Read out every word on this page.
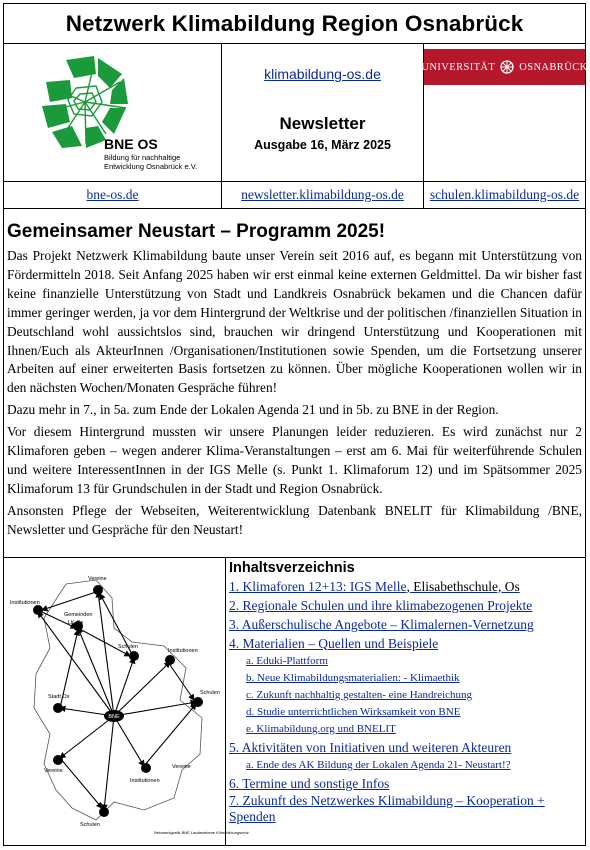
Netzwerk Klimabildung Region Osnabrück
BNE OS
Bildung für nachhaltige Entwicklung Osnabrück e.V.
klimabildung-os.de
Newsletter
Ausgabe 16, März 2025
UNIVERSITÄT OSNABRÜCK
bne-os.de	newsletter.klimabildung-os.de schulen.klimabildung-os.de
Gemeinsamer Neustart – Programm 2025!

Das Projekt Netzwerk Klimabildung baute unser Verein seit 2016 auf, es begann mit Unterstützung von Fördermitteln 2018. Seit Anfang 2025 haben wir erst einmal keine externen Geldmittel. Da wir bisher fast keine finanzielle Unterstützung von Stadt und Landkreis Osnabrück bekamen und die Chancen dafür immer geringer werden, ja vor dem Hintergrund der Weltkrise und der politischen /finanziellen Situation in Deutschland wohl aussichtslos sind, brauchen wir dringend Unterstützung und Kooperationen mit Ihnen/Euch als AkteurInnen /Organisationen/Institutionen sowie Spenden, um die Fortsetzung unserer Arbeiten auf einer erweiterten Basis fortsetzen zu können. Über mögliche Kooperationen wollen wir in den nächsten Wochen/Monaten Gespräche führen!

Dazu mehr in 7., in 5a. zum Ende der Lokalen Agenda 21 und in 5b. zu BNE in der Region.

Vor diesem Hintergrund mussten wir unsere Planungen leider reduzieren. Es wird zunächst nur 2 Klimaforen geben – wegen anderer Klima-Veranstaltungen – erst am 6. Mai für weiterführende Schulen und weitere InteressentInnen in der IGS Melle (s. Punkt 1. Klimaforum 12) und im Spätsommer 2025 Klimaforum 13 für Grundschulen in der Stadt und Region Osnabrück.

Ansonsten Pflege der Webseiten, Weiterentwicklung Datenbank BNELIT für Klimabildung /BNE, Newsletter und Gespräche für den Neustart!

BNE
Vereine
Institutionen
Gemeinden
LK Os
Schulen
Institutionen
Schulen
Stadt Os
Vereine
Vereine
Institutionen
Schulen
Netzwerkgrafik BNE Landesebene Klimabildungsnetz
Inhaltsverzeichnis
1. Klimaforen 12+13: IGS Melle, Elisabethschule, Os
2. Regionale Schulen und ihre klimabezogenen Projekte
3. Außerschulische Angebote – Klimalernen-Vernetzung
4. Materialien – Quellen und Beispiele
a. Eduki-Plattform
b. Neue Klimabildungsmaterialien: - Klimaethik
c. Zukunft nachhaltig gestalten- eine Handreichung
d. Studie unterrichtlichen Wirksamkeit von BNE
e. Klimabildung.org und BNELIT
5. Aktivitäten von Initiativen und weiteren Akteuren
a. Ende des AK Bildung der Lokalen Agenda 21- Neustart!?
6. Termine und sonstige Infos
7. Zukunft des Netzwerkes Klimabildung – Kooperation + Spenden
